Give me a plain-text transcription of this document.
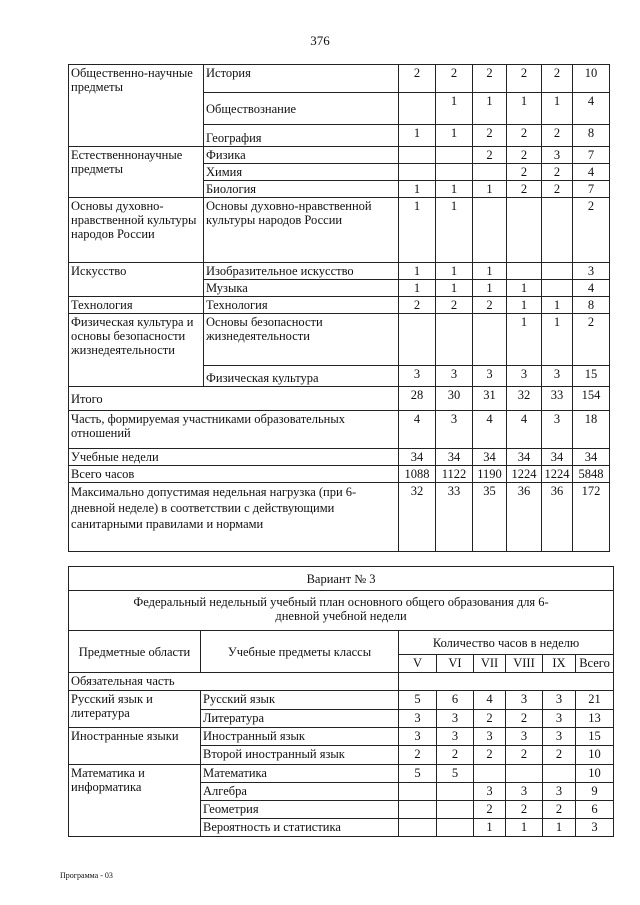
376
Общественно-научные предметы	История	2	2	2	2	2	10
	Обществознание		1	1	1	1	4
	География	1	1	2	2	2	8
Естественнонаучные предметы	Физика			2	2	3	7
	Химия				2	2	4
	Биология	1	1	1	2	2	7
Основы духовно-нравственной культуры народов России	Основы духовно-нравственной культуры народов России	1	1				2
Искусство	Изобразительное искусство	1	1	1			3
	Музыка	1	1	1	1		4
Технология	Технология	2	2	2	1	1	8
Физическая культура и основы безопасности жизнедеятельности	Основы безопасности жизнедеятельности				1	1	2
	Физическая культура	3	3	3	3	3	15
Итого		28	30	31	32	33	154
Часть, формируемая участниками образовательных отношений		4	3	4	4	3	18
Учебные недели		34	34	34	34	34	34
Всего часов		1088	1122	1190	1224	1224	5848
Максимально допустимая недельная нагрузка (при 6-дневной неделе) в соответствии с действующими санитарными правилами и нормами		32	33	35	36	36	172
Вариант № 3							
Федеральный недельный учебный план основного общего образования для 6-дневной учебной недели							
Предметные области	Учебные предметы классы	Количество часов в неделю					
		V	VI	VII	VIII	IX	Всего
Обязательная часть							
Русский язык и литература	Русский язык	5	6	4	3	3	21
	Литература	3	3	2	2	3	13
Иностранные языки	Иностранный язык	3	3	3	3	3	15
	Второй иностранный язык	2	2	2	2	2	10
Математика и информатика	Математика	5	5				10
	Алгебра			3	3	3	9
	Геометрия			2	2	2	6
	Вероятность и статистика			1	1	1	3
Программа - 03
